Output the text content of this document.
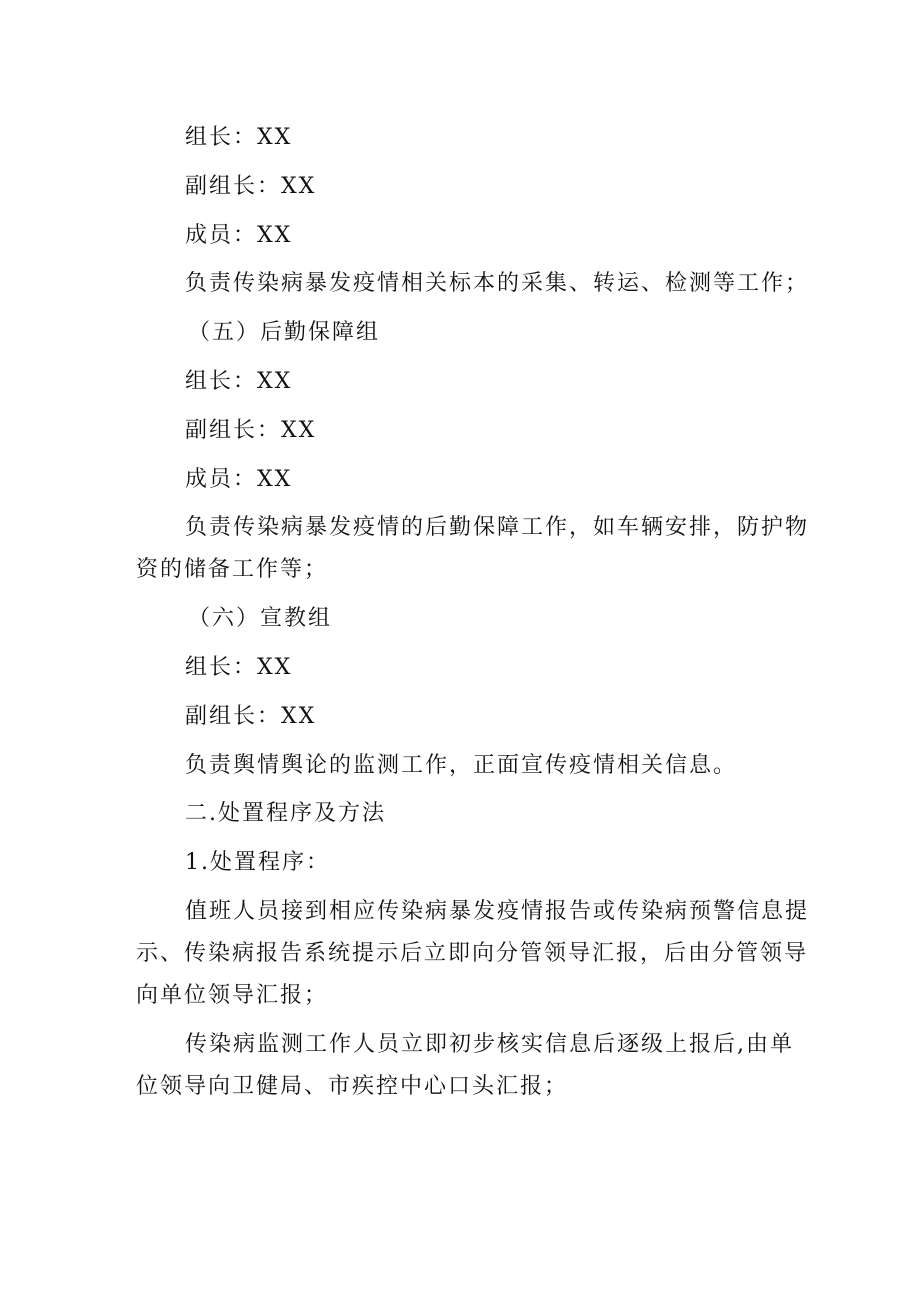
组长：XX
副组长：XX
成员：XX
负责传染病暴发疫情相关标本的采集、转运、检测等工作；
（五）后勤保障组
组长：XX
副组长：XX
成员：XX
负责传染病暴发疫情的后勤保障工作，如车辆安排，防护物
资的储备工作等；
（六）宣教组
组长：XX
副组长：XX
负责舆情舆论的监测工作，正面宣传疫情相关信息。
二.处置程序及方法
1.处置程序：
值班人员接到相应传染病暴发疫情报告或传染病预警信息提
示、传染病报告系统提示后立即向分管领导汇报，后由分管领导
向单位领导汇报；
传染病监测工作人员立即初步核实信息后逐级上报后,由单
位领导向卫健局、市疾控中心口头汇报；
